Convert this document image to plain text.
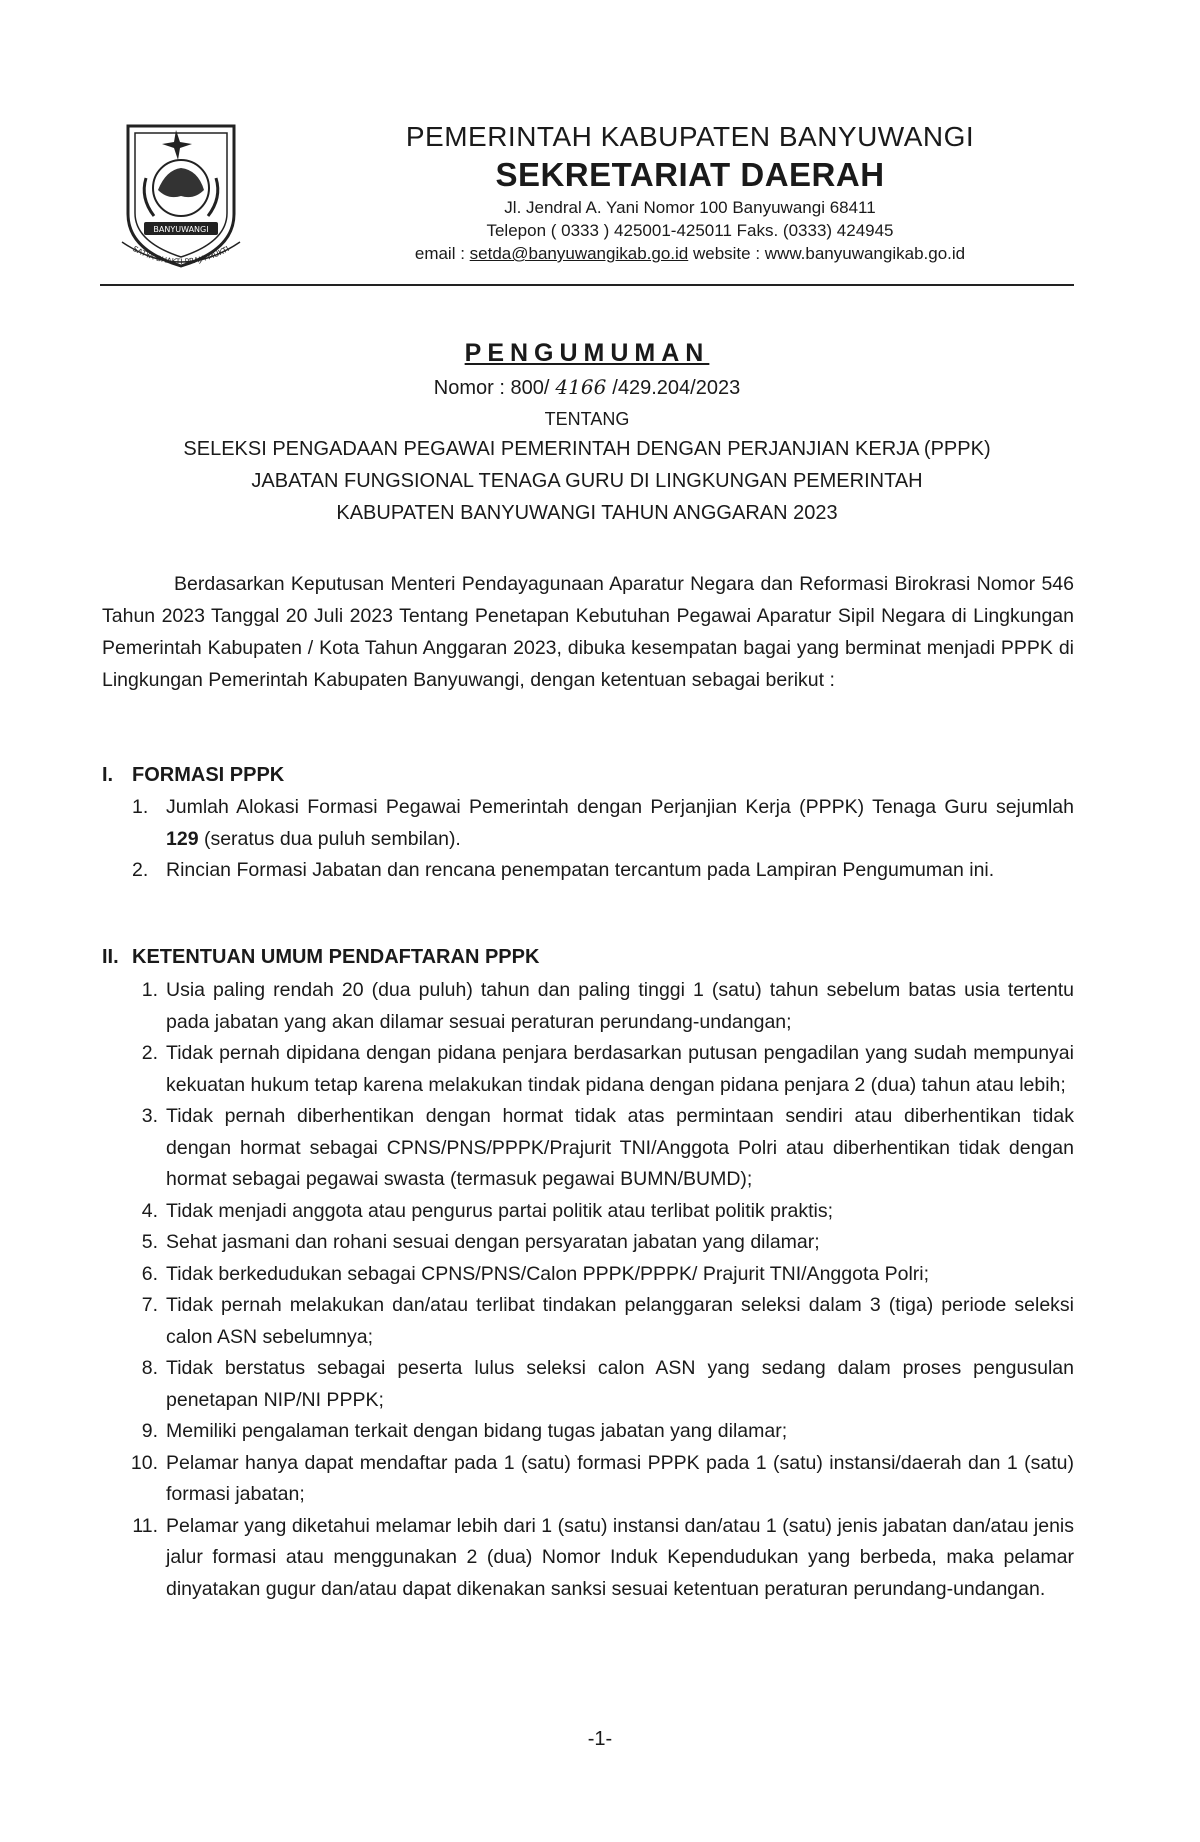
BANYUWANGI
SATYA BHAKTI PRAJA MUKTI
PEMERINTAH KABUPATEN BANYUWANGI
SEKRETARIAT DAERAH
Jl. Jendral A. Yani Nomor 100 Banyuwangi 68411
Telepon ( 0333 ) 425001-425011 Faks. (0333) 424945
email : setda@banyuwangikab.go.id website : www.banyuwangikab.go.id
PENGUMUMAN
Nomor : 800/ 4166 /429.204/2023
TENTANG
SELEKSI PENGADAAN PEGAWAI PEMERINTAH DENGAN PERJANJIAN KERJA (PPPK)
JABATAN FUNGSIONAL TENAGA GURU DI LINGKUNGAN PEMERINTAH
KABUPATEN BANYUWANGI TAHUN ANGGARAN 2023
Berdasarkan Keputusan Menteri Pendayagunaan Aparatur Negara dan Reformasi Birokrasi Nomor 546 Tahun 2023 Tanggal 20 Juli 2023 Tentang Penetapan Kebutuhan Pegawai Aparatur Sipil Negara di Lingkungan Pemerintah Kabupaten / Kota Tahun Anggaran 2023, dibuka kesempatan bagai yang berminat menjadi PPPK di Lingkungan Pemerintah Kabupaten Banyuwangi, dengan ketentuan sebagai berikut :
I. FORMASI PPPK
1. Jumlah Alokasi Formasi Pegawai Pemerintah dengan Perjanjian Kerja (PPPK) Tenaga Guru sejumlah 129 (seratus dua puluh sembilan).
2. Rincian Formasi Jabatan dan rencana penempatan tercantum pada Lampiran Pengumuman ini.
II. KETENTUAN UMUM PENDAFTARAN PPPK
1. Usia paling rendah 20 (dua puluh) tahun dan paling tinggi 1 (satu) tahun sebelum batas usia tertentu pada jabatan yang akan dilamar sesuai peraturan perundang-undangan;
2. Tidak pernah dipidana dengan pidana penjara berdasarkan putusan pengadilan yang sudah mempunyai kekuatan hukum tetap karena melakukan tindak pidana dengan pidana penjara 2 (dua) tahun atau lebih;
3. Tidak pernah diberhentikan dengan hormat tidak atas permintaan sendiri atau diberhentikan tidak dengan hormat sebagai CPNS/PNS/PPPK/Prajurit TNI/Anggota Polri atau diberhentikan tidak dengan hormat sebagai pegawai swasta (termasuk pegawai BUMN/BUMD);
4. Tidak menjadi anggota atau pengurus partai politik atau terlibat politik praktis;
5. Sehat jasmani dan rohani sesuai dengan persyaratan jabatan yang dilamar;
6. Tidak berkedudukan sebagai CPNS/PNS/Calon PPPK/PPPK/ Prajurit TNI/Anggota Polri;
7. Tidak pernah melakukan dan/atau terlibat tindakan pelanggaran seleksi dalam 3 (tiga) periode seleksi calon ASN sebelumnya;
8. Tidak berstatus sebagai peserta lulus seleksi calon ASN yang sedang dalam proses pengusulan penetapan NIP/NI PPPK;
9. Memiliki pengalaman terkait dengan bidang tugas jabatan yang dilamar;
10. Pelamar hanya dapat mendaftar pada 1 (satu) formasi PPPK pada 1 (satu) instansi/daerah dan 1 (satu) formasi jabatan;
11. Pelamar yang diketahui melamar lebih dari 1 (satu) instansi dan/atau 1 (satu) jenis jabatan dan/atau jenis jalur formasi atau menggunakan 2 (dua) Nomor Induk Kependudukan yang berbeda, maka pelamar dinyatakan gugur dan/atau dapat dikenakan sanksi sesuai ketentuan peraturan perundang-undangan.
-1-
